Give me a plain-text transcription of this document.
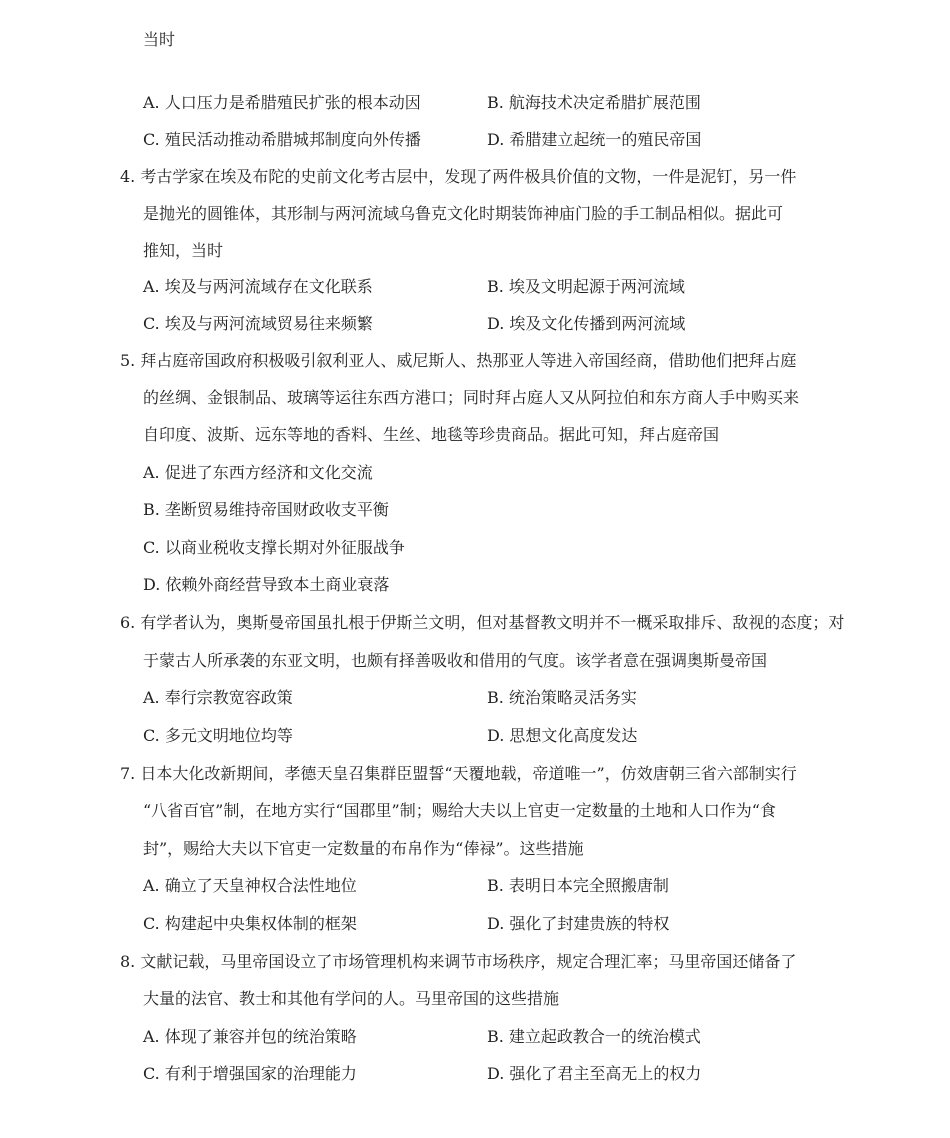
当时
A. 人口压力是希腊殖民扩张的根本动因	B. 航海技术决定希腊扩展范围
C. 殖民活动推动希腊城邦制度向外传播	D. 希腊建立起统一的殖民帝国
4. 考古学家在埃及布陀的史前文化考古层中，发现了两件极具价值的文物，一件是泥钉，另一件
是抛光的圆锥体，其形制与两河流域乌鲁克文化时期装饰神庙门脸的手工制品相似。据此可
推知，当时
A. 埃及与两河流域存在文化联系	B. 埃及文明起源于两河流域
C. 埃及与两河流域贸易往来频繁	D. 埃及文化传播到两河流域
5. 拜占庭帝国政府积极吸引叙利亚人、威尼斯人、热那亚人等进入帝国经商，借助他们把拜占庭
的丝绸、金银制品、玻璃等运往东西方港口；同时拜占庭人又从阿拉伯和东方商人手中购买来
自印度、波斯、远东等地的香料、生丝、地毯等珍贵商品。据此可知，拜占庭帝国
A. 促进了东西方经济和文化交流
B. 垄断贸易维持帝国财政收支平衡
C. 以商业税收支撑长期对外征服战争
D. 依赖外商经营导致本土商业衰落
6. 有学者认为，奥斯曼帝国虽扎根于伊斯兰文明，但对基督教文明并不一概采取排斥、敌视的态度；对
于蒙古人所承袭的东亚文明，也颇有择善吸收和借用的气度。该学者意在强调奥斯曼帝国
A. 奉行宗教宽容政策	B. 统治策略灵活务实
C. 多元文明地位均等	D. 思想文化高度发达
7. 日本大化改新期间，孝德天皇召集群臣盟誓“天覆地载，帝道唯一”，仿效唐朝三省六部制实行
“八省百官”制，在地方实行“国郡里”制；赐给大夫以上官吏一定数量的土地和人口作为“食
封”，赐给大夫以下官吏一定数量的布帛作为“俸禄”。这些措施
A. 确立了天皇神权合法性地位	B. 表明日本完全照搬唐制
C. 构建起中央集权体制的框架	D. 强化了封建贵族的特权
8. 文献记载，马里帝国设立了市场管理机构来调节市场秩序，规定合理汇率；马里帝国还储备了
大量的法官、教士和其他有学问的人。马里帝国的这些措施
A. 体现了兼容并包的统治策略	B. 建立起政教合一的统治模式
C. 有利于增强国家的治理能力	D. 强化了君主至高无上的权力
